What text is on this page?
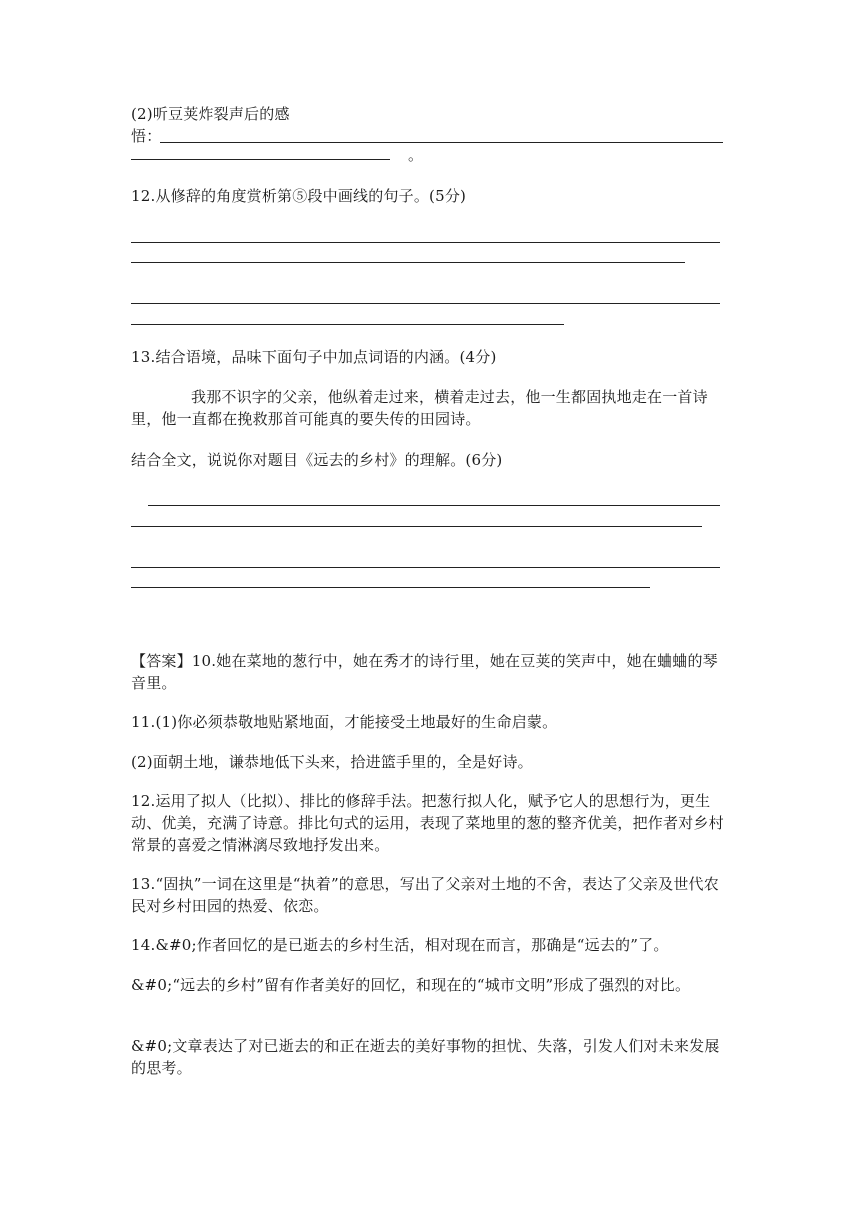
(2)听豆荚炸裂声后的感
悟：
。
12.从修辞的角度赏析第⑤段中画线的句子。(5分)
13.结合语境，品味下面句子中加点词语的内涵。(4分)
我那不识字的父亲，他纵着走过来，横着走过去，他一生都固执地走在一首诗里，他一直都在挽救那首可能真的要失传的田园诗。
结合全文，说说你对题目《远去的乡村》的理解。(6分)
【答案】10.她在菜地的葱行中，她在秀才的诗行里，她在豆荚的笑声中，她在蛐蛐的琴音里。
11.(1)你必须恭敬地贴紧地面，才能接受土地最好的生命启蒙。
(2)面朝土地，谦恭地低下头来，拾进篮手里的，全是好诗。
12.运用了拟人（比拟）、排比的修辞手法。把葱行拟人化，赋予它人的思想行为，更生动、优美，充满了诗意。排比句式的运用，表现了菜地里的葱的整齐优美，把作者对乡村常景的喜爱之情淋漓尽致地抒发出来。
13.“固执”一词在这里是“执着”的意思，写出了父亲对土地的不舍，表达了父亲及世代农民对乡村田园的热爱、依恋。
14.&#0;作者回忆的是已逝去的乡村生活，相对现在而言，那确是“远去的”了。
&#0;“远去的乡村”留有作者美好的回忆，和现在的“城市文明”形成了强烈的对比。
&#0;文章表达了对已逝去的和正在逝去的美好事物的担忧、失落，引发人们对未来发展的思考。
